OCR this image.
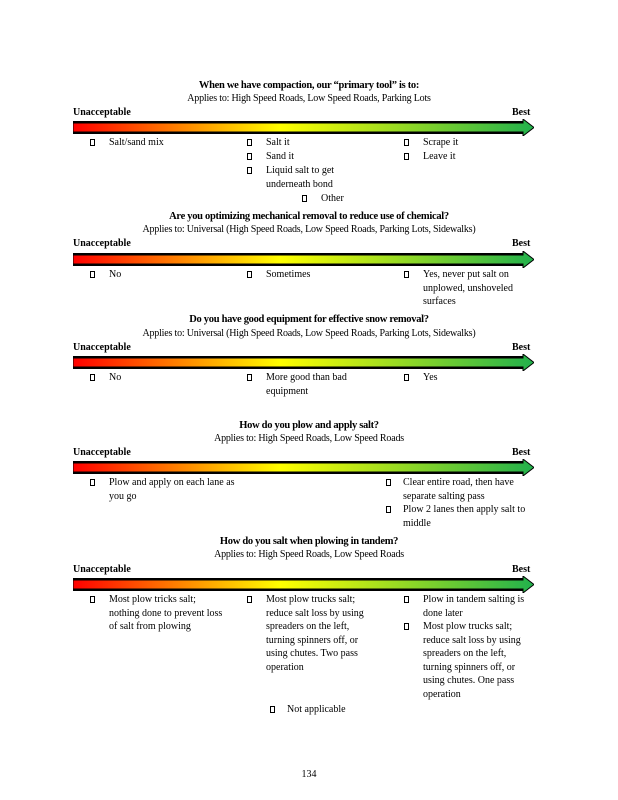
When we have compaction, our “primary tool” is to:
Applies to: High Speed Roads, Low Speed Roads, Parking Lots
Unacceptable	Best
Salt/sand mix	Salt it
Sand it
Liquid salt to get underneath bond
Scrape it
Leave it
Other
Are you optimizing mechanical removal to reduce use of chemical?
Applies to: Universal (High Speed Roads, Low Speed Roads, Parking Lots, Sidewalks)
Unacceptable	Best
No	Sometimes	Yes, never put salt on unplowed, unshoveled surfaces
Do you have good equipment for effective snow removal?
Applies to: Universal (High Speed Roads, Low Speed Roads, Parking Lots, Sidewalks)
Unacceptable	Best
No	More good than bad equipment
Yes
How do you plow and apply salt?
Applies to: High Speed Roads, Low Speed Roads
Unacceptable	Best
Plow and apply on each lane as you go
Clear entire road, then have separate salting pass
Plow 2 lanes then apply salt to middle
How do you salt when plowing in tandem?
Applies to: High Speed Roads, Low Speed Roads
Unacceptable	Best
Most plow tricks salt; nothing done to prevent loss of salt from plowing
Most plow trucks salt; reduce salt loss by using spreaders on the left, turning spinners off, or using chutes. Two pass operation
Plow in tandem salting is done later
Most plow trucks salt; reduce salt loss by using spreaders on the left, turning spinners off, or using chutes. One pass operation
Not applicable
134
